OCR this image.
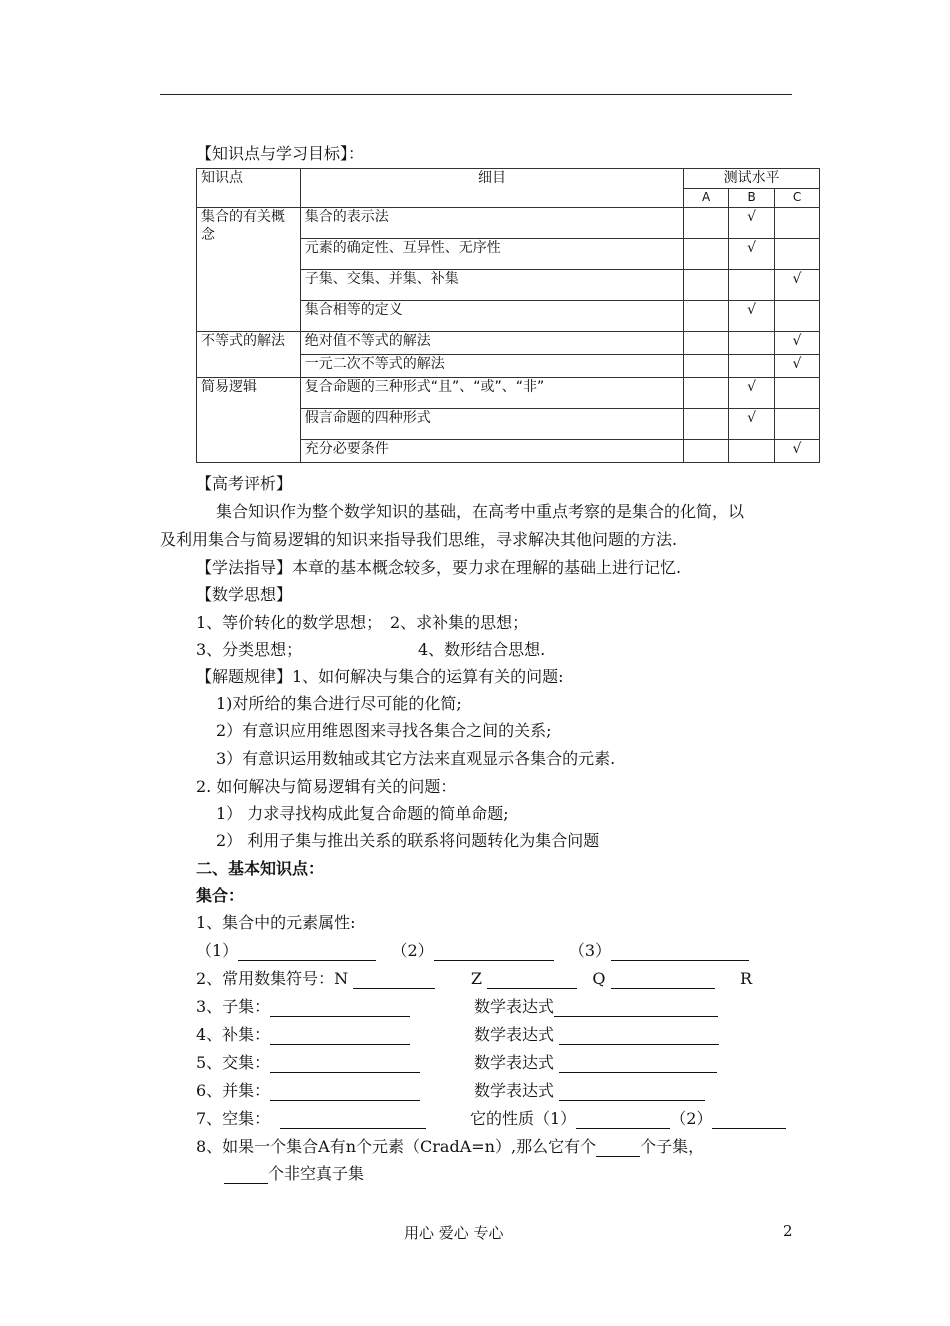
【知识点与学习目标】：
知识点	细目	测试水平		
		A	B	C
集合的有关概念	集合的表示法		√	
	元素的确定性、互异性、无序性		√	
	子集、交集、并集、补集			√
	集合相等的定义		√	
不等式的解法	绝对值不等式的解法			√
	一元二次不等式的解法			√
简易逻辑	复合命题的三种形式“且”、“或”、“非”		√	
	假言命题的四种形式		√	
	充分必要条件			√
【高考评析】
集合知识作为整个数学知识的基础，在高考中重点考察的是集合的化简，以
及利用集合与简易逻辑的知识来指导我们思维，寻求解决其他问题的方法.
【学法指导】本章的基本概念较多，要力求在理解的基础上进行记忆.
【数学思想】
1、等价转化的数学思想； 2、求补集的思想；
3、分类思想；	4、数形结合思想.
【解题规律】1、如何解决与集合的运算有关的问题:
1)对所给的集合进行尽可能的化简;
2）有意识应用维恩图来寻找各集合之间的关系;
3）有意识运用数轴或其它方法来直观显示各集合的元素.
2. 如何解决与简易逻辑有关的问题：
1） 力求寻找构成此复合命题的简单命题;
2） 利用子集与推出关系的联系将问题转化为集合问题
二、基本知识点：
集合：
1、集合中的元素属性:
（1）	（2）	（3）
2、常用数集符号：N	Z	Q	R
3、子集：	数学表达式
4、补集：	数学表达式
5、交集：	数学表达式
6、并集：	数学表达式
7、空集：	它的性质（1）	（2）
8、如果一个集合A有n个元素（CradA=n）,那么它有个	个子集，
个非空真子集
用心 爱心 专心	2
